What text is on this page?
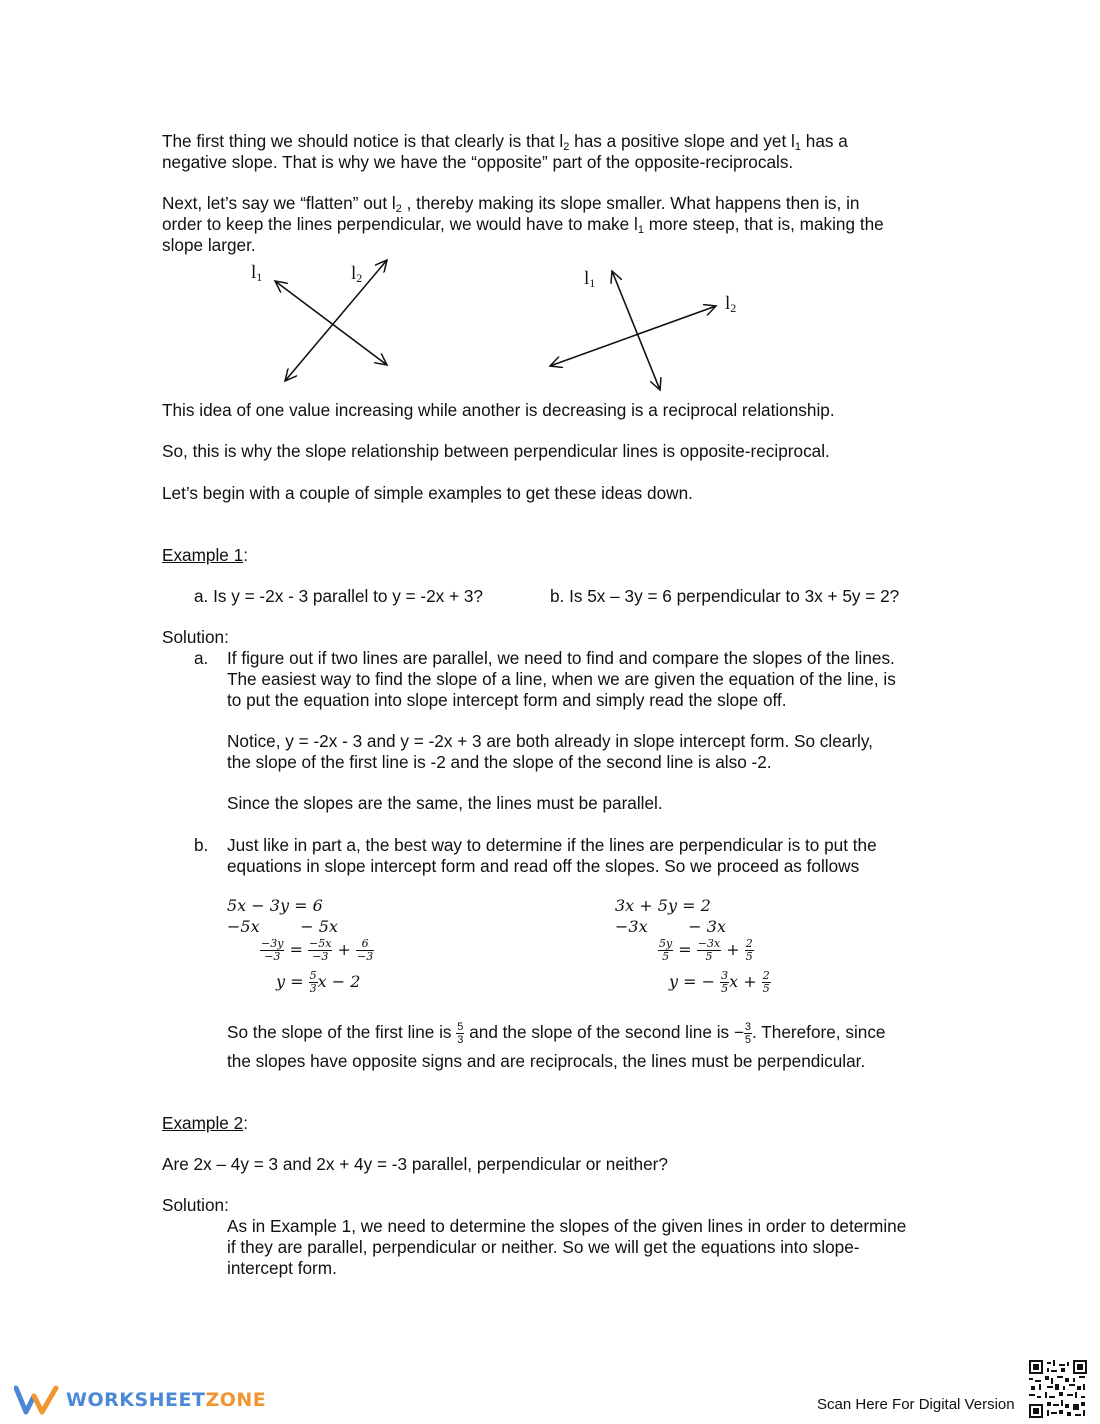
The first thing we should notice is that clearly is that $l_2$ has a positive slope and yet $l_1$ has a

negative slope. That is why we have the “opposite” part of the opposite-reciprocals.

Next, let’s say we “flatten” out $l_2$ , thereby making its slope smaller. What happens then is, in

order to keep the lines perpendicular, we would have to make $l_1$ more steep, that is, making the

slope larger.

$l_1$	$l_2$	$l_1$
$l_2$

This idea of one value increasing while another is decreasing is a reciprocal relationship.

So, this is why the slope relationship between perpendicular lines is opposite-reciprocal.

Let’s begin with a couple of simple examples to get these ideas down.

Example 1:

a. Is y = -2x - 3 parallel to y = -2x + 3?	b. Is 5x – 3y = 6 perpendicular to 3x + 5y = 2?

Solution:

a. If figure out if two lines are parallel, we need to find and compare the slopes of the lines.

The easiest way to find the slope of a line, when we are given the equation of the line, is

to put the equation into slope intercept form and simply read the slope off.

Notice, y = -2x - 3 and y = -2x + 3 are both already in slope intercept form. So clearly,

the slope of the first line is -2 and the slope of the second line is also -2.

Since the slopes are the same, the lines must be parallel.

b. Just like in part a, the best way to determine if the lines are perpendicular is to put the

equations in slope intercept form and read off the slopes. So we proceed as follows

5x − 3y = 6
−5x        − 5x
$\frac{-3y}{-3} = \frac{-5x}{-3} + \frac{6}{-3}$
$y = \frac{5}{3}$ x − 2
3x + 5y = 2
−3x        − 3x
$\frac{5y}{5} = \frac{-3x}{5} + \frac{2}{5}$
y = − $\frac{3}{5}$ $x + \frac{2}{5}$

So the slope of the first line is $\frac{5}{3}$ and the slope of the second line is − $\frac{3}{5}$ . Therefore, since

the slopes have opposite signs and are reciprocals, the lines must be perpendicular.

Example 2:

Are 2x – 4y = 3 and 2x + 4y = -3 parallel, perpendicular or neither?

Solution:

As in Example 1, we need to determine the slopes of the given lines in order to determine

if they are parallel, perpendicular or neither. So we will get the equations into slope-

intercept form.

WORKSHEETZONE	Scan Here For Digital Version
